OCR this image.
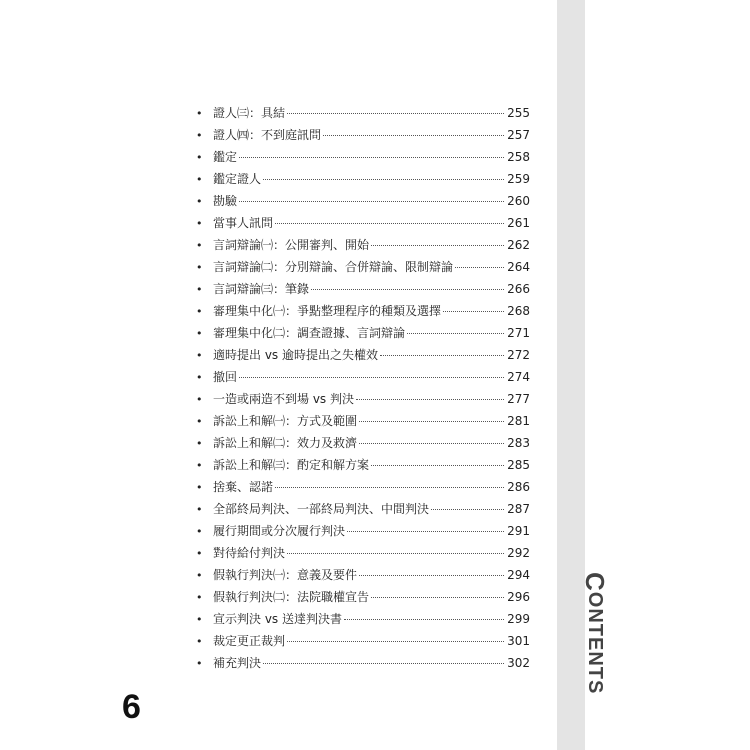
CONTENTS
• 證人㈢：具結	255
• 證人㈣：不到庭訊問	257
• 鑑定	258
• 鑑定證人	259
• 勘驗	260
• 當事人訊問	261
• 言詞辯論㈠：公開審判、開始	262
• 言詞辯論㈡：分別辯論、合併辯論、限制辯論	264
• 言詞辯論㈢：筆錄	266
• 審理集中化㈠：爭點整理程序的種類及選擇	268
• 審理集中化㈡：調查證據、言詞辯論	271
• 適時提出 vs 逾時提出之失權效	272
• 撤回	274
• 一造或兩造不到場 vs 判決	277
• 訴訟上和解㈠：方式及範圍	281
• 訴訟上和解㈡：效力及救濟	283
• 訴訟上和解㈢：酌定和解方案	285
• 捨棄、認諾	286
• 全部終局判決、一部終局判決、中間判決	287
• 履行期間或分次履行判決	291
• 對待給付判決	292
• 假執行判決㈠：意義及要件	294
• 假執行判決㈡：法院職權宣告	296
• 宣示判決 vs 送達判決書	299
• 裁定更正裁判	301
• 補充判決	302
6
